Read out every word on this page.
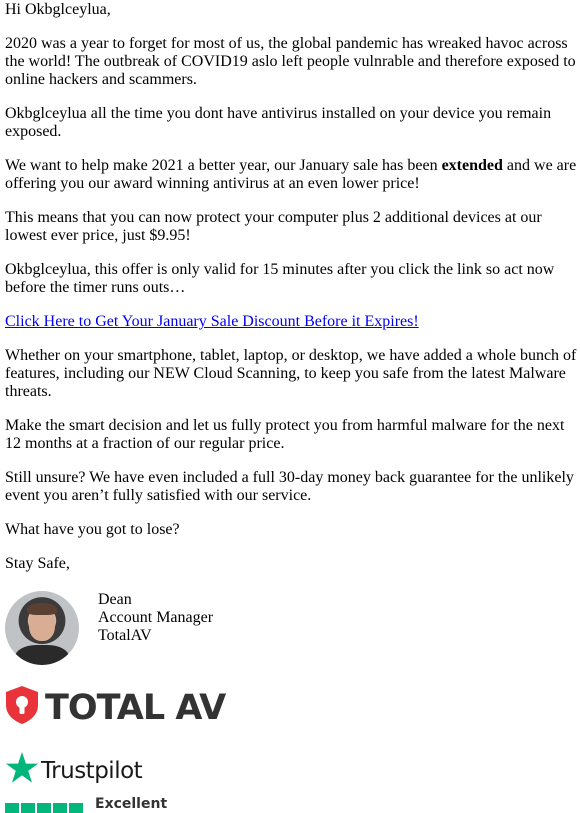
Hi Okbglceylua,

2020 was a year to forget for most of us, the global pandemic has wreaked havoc across the world! The outbreak of COVID19 aslo left people vulnrable and therefore exposed to online hackers and scammers.

Okbglceylua all the time you dont have antivirus installed on your device you remain exposed.

We want to help make 2021 a better year, our January sale has been extended and we are offering you our award winning antivirus at an even lower price!

This means that you can now protect your computer plus 2 additional devices at our lowest ever price, just $9.95!

Okbglceylua, this offer is only valid for 15 minutes after you click the link so act now before the timer runs outs…

Click Here to Get Your January Sale Discount Before it Expires!

Whether on your smartphone, tablet, laptop, or desktop, we have added a whole bunch of features, including our NEW Cloud Scanning, to keep you safe from the latest Malware threats.

Make the smart decision and let us fully protect you from harmful malware for the next 12 months at a fraction of our regular price.

Still unsure? We have even included a full 30-day money back guarantee for the unlikely event you aren’t fully satisfied with our service.

What have you got to lose?

Stay Safe,

Dean
Account Manager
TotalAV
TOTAL AV
Trustpilot
Excellent
